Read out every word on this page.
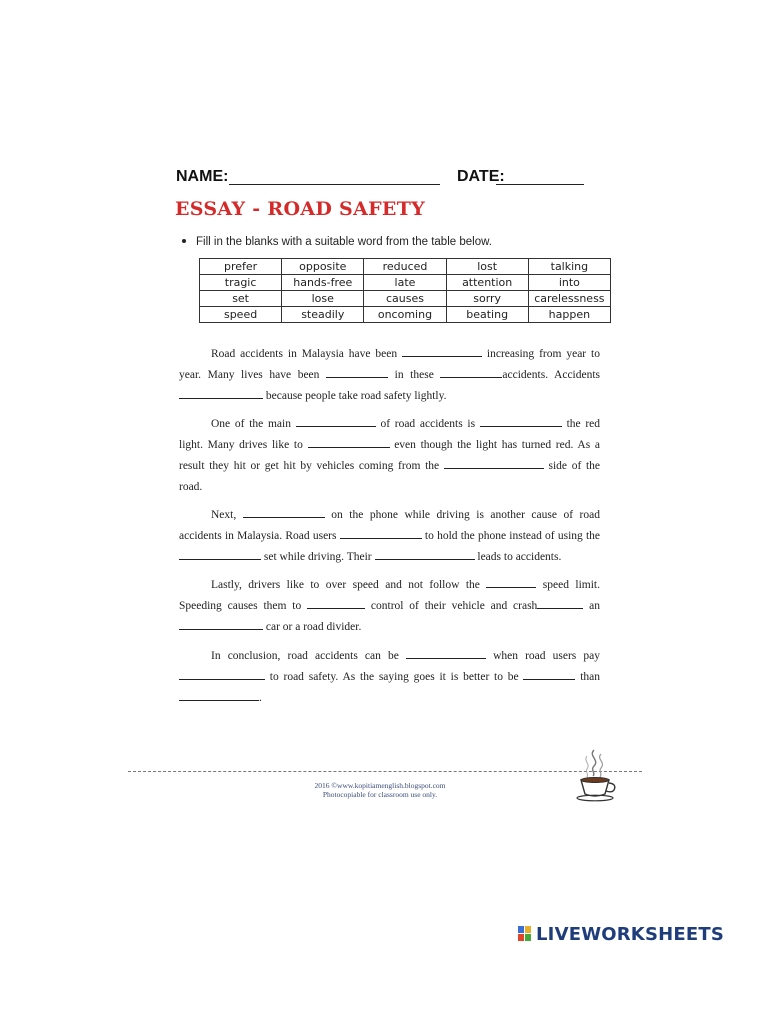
NAME:	DATE:
ESSAY - ROAD SAFETY
Fill in the blanks with a suitable word from the table below.
prefer	opposite	reduced	lost	talking
tragic	hands-free	late	attention	into
set	lose	causes	sorry	carelessness
speed	steadily	oncoming	beating	happen

Road accidents in Malaysia have been	increasing from year to year. Many lives have been	in these	accidents. Accidents  because people take road safety lightly.

One of the main	of road accidents is	the red light. Many drives like to	even though the light has turned red. As a result they hit or get hit by vehicles coming from the	side of the road.

Next,	on the phone while driving is another cause of road accidents in Malaysia. Road users	to hold the phone instead of using the  set while driving. Their	leads to accidents.

Lastly, drivers like to over speed and not follow the	speed limit. Speeding causes them to	control of their vehicle and crash	an  car or a road divider.

In conclusion, road accidents can be	when road users pay  to road safety. As the saying goes it is better to be	than .

2016 ©www.kopitiamenglish.blogspot.com
Photocopiable for classroom use only.
LIVEWORKSHEETS
